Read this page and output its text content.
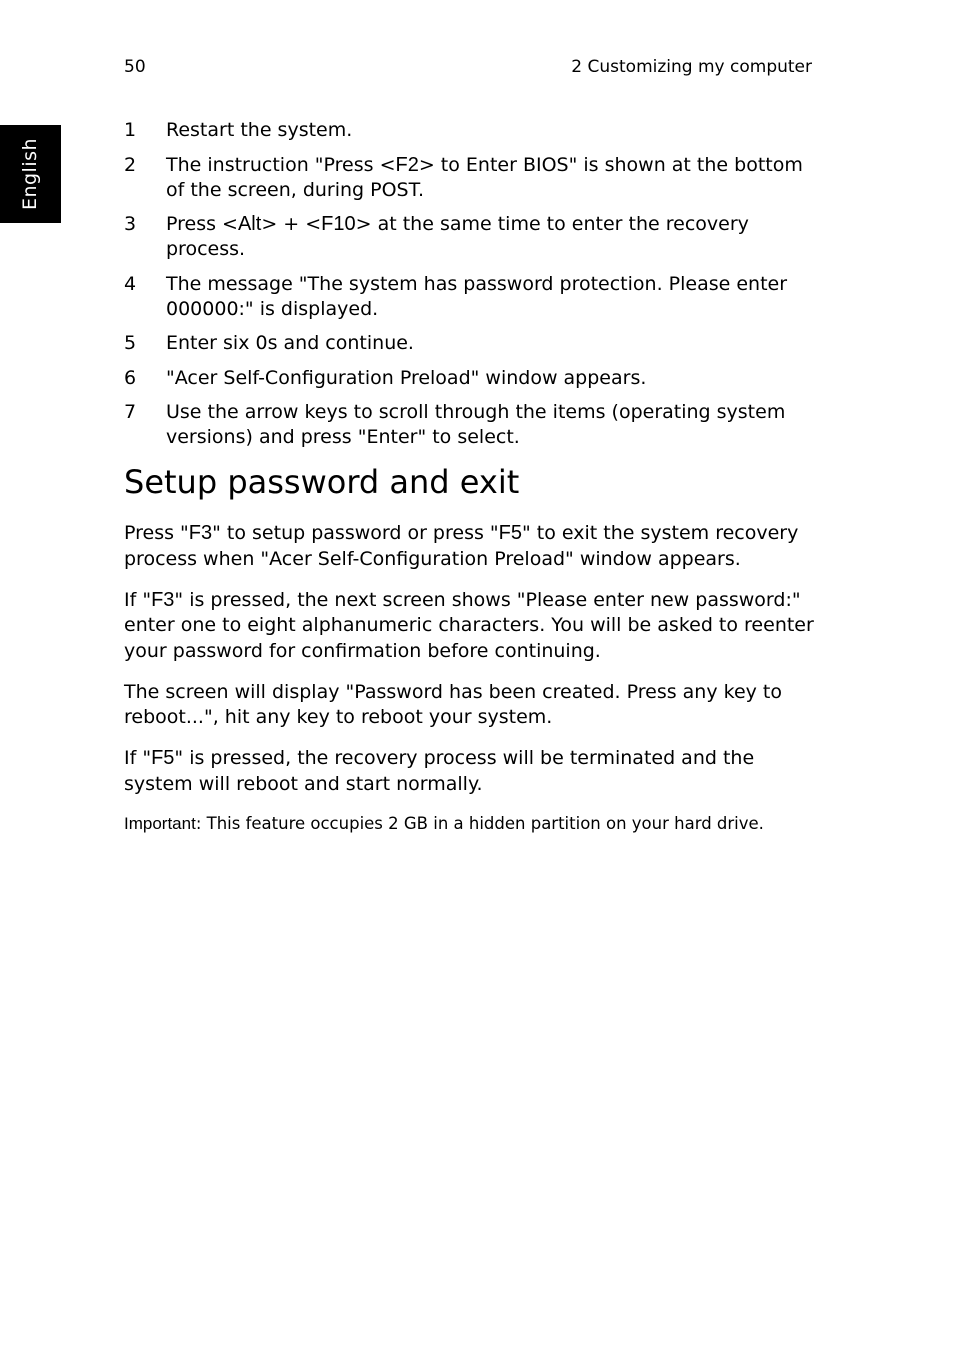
50	2 Customizing my computer
English
1 Restart the system.
2 The instruction "Press <F2> to Enter BIOS" is shown at the bottom of the screen, during POST.
3 Press <Alt> + <F10> at the same time to enter the recovery process.
4 The message "The system has password protection. Please enter 000000:" is displayed.
5 Enter six 0s and continue.
6 "Acer Self-Configuration Preload" window appears.
7 Use the arrow keys to scroll through the items (operating system versions) and press "Enter" to select.
Setup password and exit

Press "F3" to setup password or press "F5" to exit the system recovery process when "Acer Self-Configuration Preload" window appears.

If "F3" is pressed, the next screen shows "Please enter new password:" enter one to eight alphanumeric characters. You will be asked to reenter your password for confirmation before continuing.

The screen will display "Password has been created. Press any key to reboot...", hit any key to reboot your system.

If "F5" is pressed, the recovery process will be terminated and the system will reboot and start normally.

Important: This feature occupies 2 GB in a hidden partition on your hard drive.
